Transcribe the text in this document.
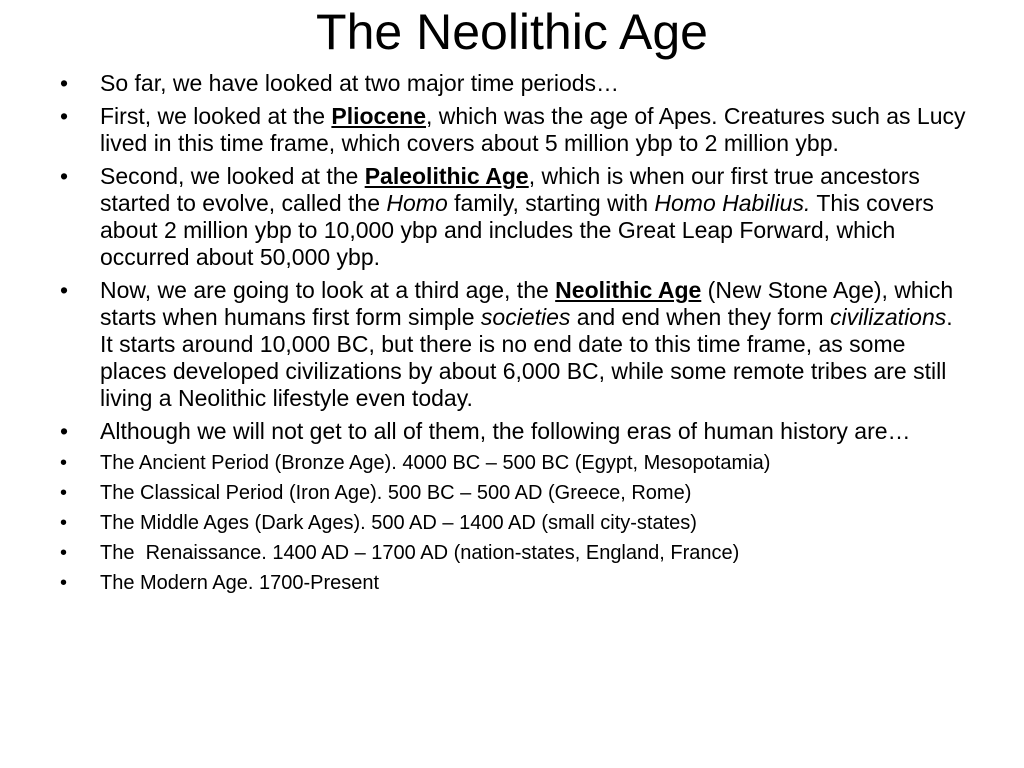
The Neolithic Age
• So far, we have looked at two major time periods…
• First, we looked at the Pliocene, which was the age of Apes. Creatures such as Lucy lived in this time frame, which covers about 5 million ybp to 2 million ybp.
• Second, we looked at the Paleolithic Age, which is when our first true ancestors started to evolve, called the Homo family, starting with Homo Habilius. This covers about 2 million ybp to 10,000 ybp and includes the Great Leap Forward, which occurred about 50,000 ybp.
• Now, we are going to look at a third age, the Neolithic Age (New Stone Age), which starts when humans first form simple societies and end when they form civilizations. It starts around 10,000 BC, but there is no end date to this time frame, as some places developed civilizations by about 6,000 BC, while some remote tribes are still living a Neolithic lifestyle even today.
• Although we will not get to all of them, the following eras of human history are…
• The Ancient Period (Bronze Age). 4000 BC – 500 BC (Egypt, Mesopotamia)
• The Classical Period (Iron Age). 500 BC – 500 AD (Greece, Rome)
• The Middle Ages (Dark Ages). 500 AD – 1400 AD (small city-states)
• The  Renaissance. 1400 AD – 1700 AD (nation-states, England, France)
• The Modern Age. 1700-Present
